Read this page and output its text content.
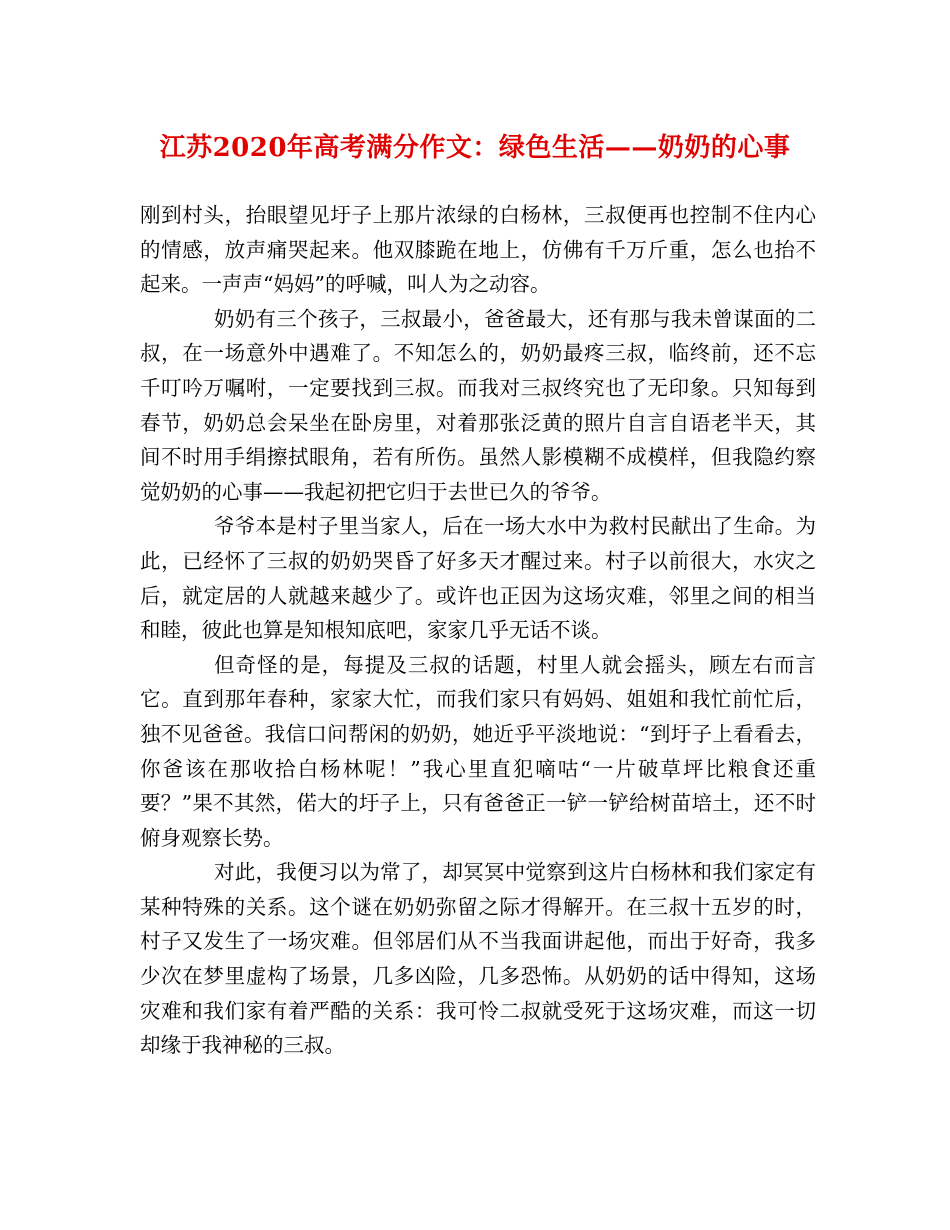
江苏2020年高考满分作文：绿色生活——奶奶的心事

刚到村头，抬眼望见圩子上那片浓绿的白杨林，三叔便再也控制不住内心的情感，放声痛哭起来。他双膝跪在地上，仿佛有千万斤重，怎么也抬不起来。一声声“妈妈”的呼喊，叫人为之动容。

奶奶有三个孩子，三叔最小，爸爸最大，还有那与我未曾谋面的二叔，在一场意外中遇难了。不知怎么的，奶奶最疼三叔，临终前，还不忘千叮吟万嘱咐，一定要找到三叔。而我对三叔终究也了无印象。只知每到春节，奶奶总会呆坐在卧房里，对着那张泛黄的照片自言自语老半天，其间不时用手绢擦拭眼角，若有所伤。虽然人影模糊不成模样，但我隐约察觉奶奶的心事——我起初把它归于去世已久的爷爷。

爷爷本是村子里当家人，后在一场大水中为救村民献出了生命。为此，已经怀了三叔的奶奶哭昏了好多天才醒过来。村子以前很大，水灾之后，就定居的人就越来越少了。或许也正因为这场灾难，邻里之间的相当和睦，彼此也算是知根知底吧，家家几乎无话不谈。

但奇怪的是，每提及三叔的话题，村里人就会摇头，顾左右而言它。直到那年春种，家家大忙，而我们家只有妈妈、姐姐和我忙前忙后，独不见爸爸。我信口问帮闲的奶奶，她近乎平淡地说：“到圩子上看看去，你爸该在那收拾白杨林呢！”我心里直犯嘀咕“一片破草坪比粮食还重要？”果不其然，偌大的圩子上，只有爸爸正一铲一铲给树苗培土，还不时俯身观察长势。

对此，我便习以为常了，却冥冥中觉察到这片白杨林和我们家定有某种特殊的关系。这个谜在奶奶弥留之际才得解开。在三叔十五岁的时，村子又发生了一场灾难。但邻居们从不当我面讲起他，而出于好奇，我多少次在梦里虚构了场景，几多凶险，几多恐怖。从奶奶的话中得知，这场灾难和我们家有着严酷的关系：我可怜二叔就受死于这场灾难，而这一切却缘于我神秘的三叔。
